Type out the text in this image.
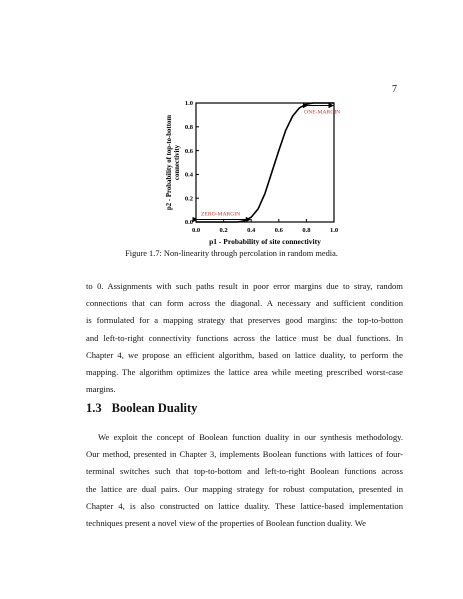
7
0.0	0.2	0.4	0.6	0.8	1.0
0.0
0.2
0.4
0.6
0.8
1.0
p1 - Probability of site connectivity
p2 - Probability of top-to-bottom connectivity
ONE-MARGIN
ZERO-MARGIN
Figure 1.7: Non-linearity through percolation in random media.
to 0. Assignments with such paths result in poor error margins due to stray, random
connections that can form across the diagonal. A necessary and sufficient condition
is formulated for a mapping strategy that preserves good margins: the top-to-botton
and left-to-right connectivity functions across the lattice must be dual functions. In
Chapter 4, we propose an efficient algorithm, based on lattice duality, to perform the
mapping. The algorithm optimizes the lattice area while meeting prescribed worst-case
margins.
1.3 Boolean Duality
We exploit the concept of Boolean function duality in our synthesis methodology.
Our method, presented in Chapter 3, implements Boolean functions with lattices of four-
terminal switches such that top-to-bottom and left-to-right Boolean functions across
the lattice are dual pairs. Our mapping strategy for robust computation, presented in
Chapter 4, is also constructed on lattice duality. These lattice-based implementation
techniques present a novel view of the properties of Boolean function duality. We
